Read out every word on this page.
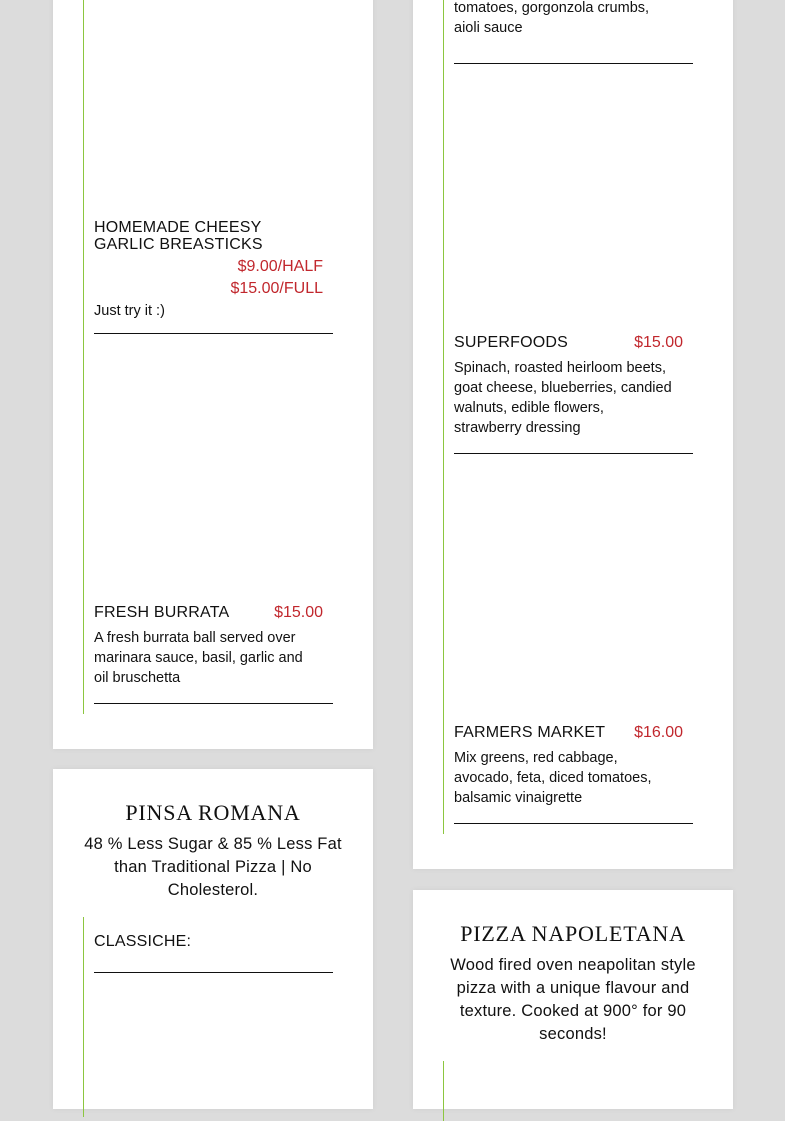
HOMEMADE CHEESY GARLIC BREASTICKS
$9.00/HALF
$15.00/FULL
Just try it :)
FRESH BURRATA	$15.00
A fresh burrata ball served over marinara sauce, basil, garlic and oil bruschetta
PINSA ROMANA
48 % Less Sugar & 85 % Less Fat than Traditional Pizza | No Cholesterol.
CLASSICHE:
tomatoes, gorgonzola crumbs, aioli sauce
SUPERFOODS	$15.00
Spinach, roasted heirloom beets, goat cheese, blueberries, candied walnuts, edible flowers, strawberry dressing
FARMERS MARKET $16.00
Mix greens, red cabbage, avocado, feta, diced tomatoes, balsamic vinaigrette
PIZZA NAPOLETANA
Wood fired oven neapolitan style pizza with a unique flavour and texture. Cooked at 900° for 90 seconds!
